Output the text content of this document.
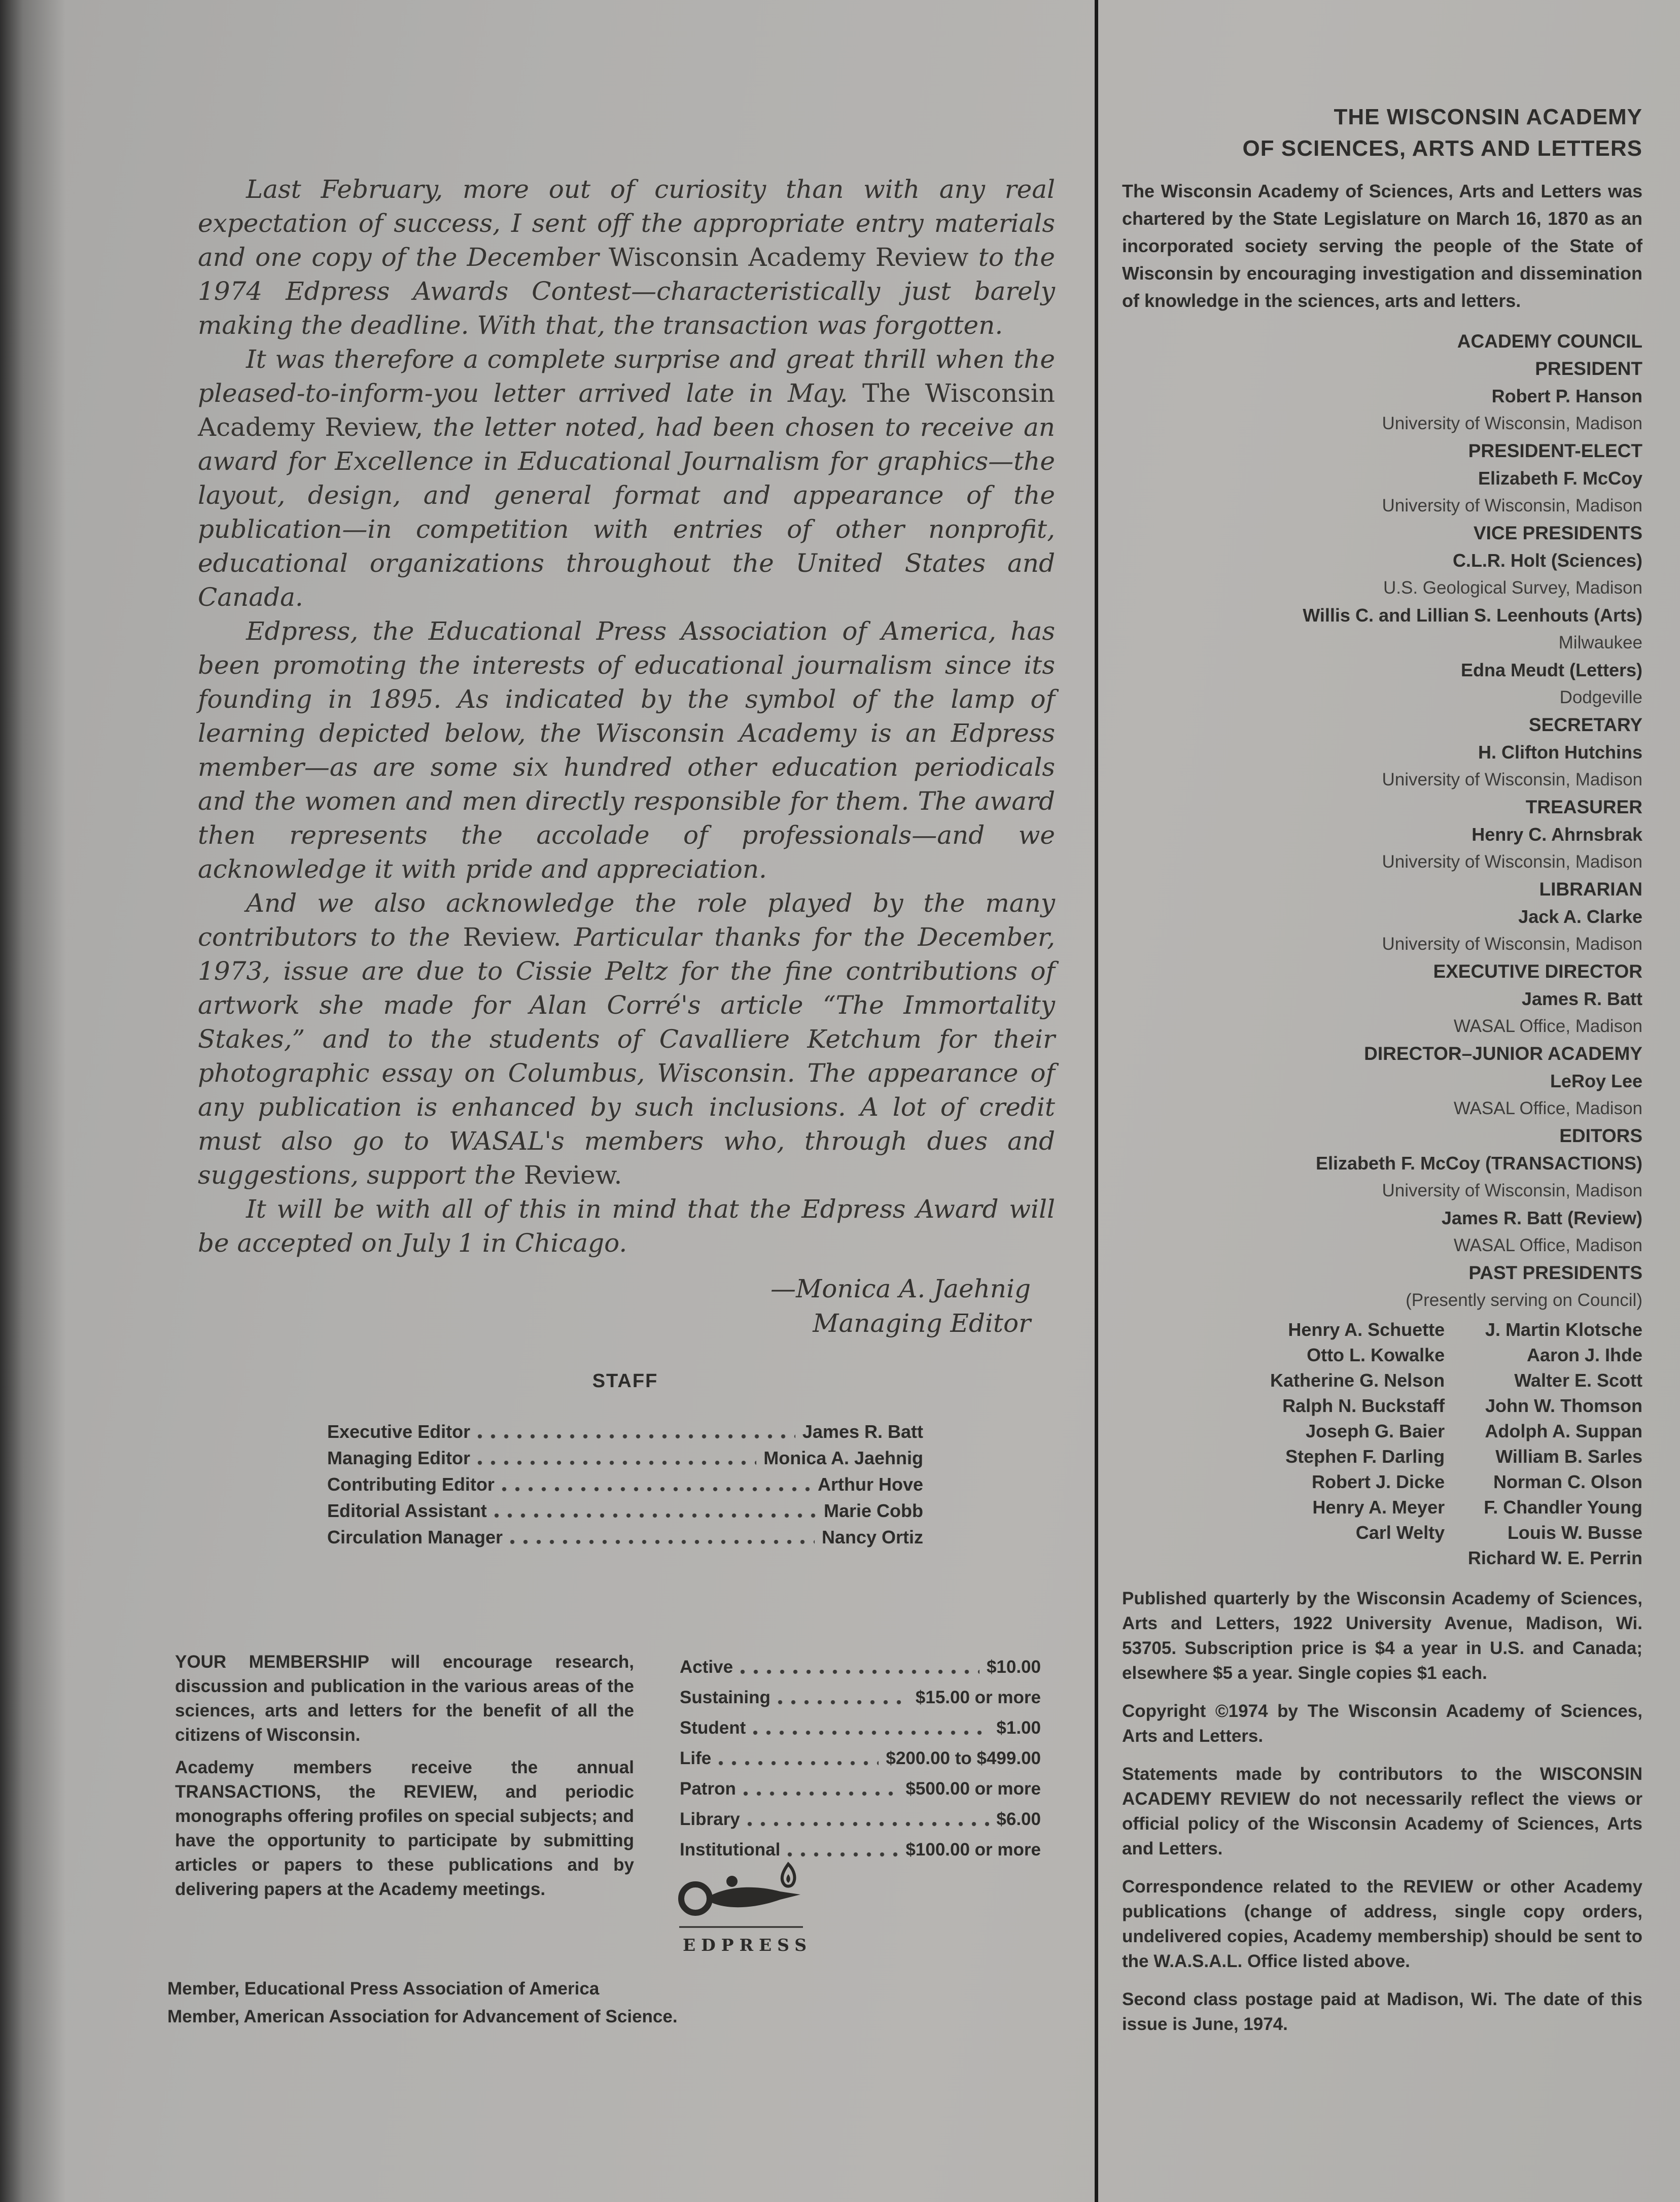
Last February, more out of curiosity than with any real expectation of success, I sent off the appropriate entry materials and one copy of the December Wisconsin Academy Review to the 1974 Edpress Awards Contest—characteristically just barely making the deadline. With that, the transaction was forgotten.

It was therefore a complete surprise and great thrill when the pleased-to-inform-you letter arrived late in May. The Wisconsin Academy Review, the letter noted, had been chosen to receive an award for Excellence in Educational Journalism for graphics—the layout, design, and general format and appearance of the publication—in competition with entries of other nonprofit, educational organizations throughout the United States and Canada.

Edpress, the Educational Press Association of America, has been promoting the interests of educational journalism since its founding in 1895. As indicated by the symbol of the lamp of learning depicted below, the Wisconsin Academy is an Edpress member—as are some six hundred other education periodicals and the women and men directly responsible for them. The award then represents the accolade of professionals—and we acknowledge it with pride and appreciation.

And we also acknowledge the role played by the many contributors to the Review. Particular thanks for the December, 1973, issue are due to Cissie Peltz for the fine contributions of artwork she made for Alan Corré's article “The Immortality Stakes,” and to the students of Cavalliere Ketchum for their photographic essay on Columbus, Wisconsin. The appearance of any publication is enhanced by such inclusions. A lot of credit must also go to WASAL's members who, through dues and suggestions, support the Review.

It will be with all of this in mind that the Edpress Award will be accepted on July 1 in Chicago.

—Monica A. Jaehnig
Managing Editor
STAFF
Executive Editor	James R. Batt
Managing Editor	Monica A. Jaehnig
Contributing Editor	Arthur Hove
Editorial Assistant	Marie Cobb
Circulation Manager	Nancy Ortiz

YOUR MEMBERSHIP will encourage research, discussion and publication in the various areas of the sciences, arts and letters for the benefit of all the citizens of Wisconsin.

Academy members receive the annual TRANSACTIONS, the REVIEW, and periodic monographs offering profiles on special subjects; and have the opportunity to participate by submitting articles or papers to these publications and by delivering papers at the Academy meetings.

Active	$10.00
Sustaining	$15.00 or more
Student	$1.00
Life	$200.00 to $499.00
Patron	$500.00 or more
Library	$6.00
Institutional	$100.00 or more
EDPRESS
Member, Educational Press Association of America
Member, American Association for Advancement of Science.
THE WISCONSIN ACADEMY
OF SCIENCES, ARTS AND LETTERS

The Wisconsin Academy of Sciences, Arts and Letters was chartered by the State Legislature on March 16, 1870 as an incorporated society serving the people of the State of Wisconsin by encouraging investigation and dissemination of knowledge in the sciences, arts and letters.

ACADEMY COUNCIL
PRESIDENT
Robert P. Hanson
University of Wisconsin, Madison
PRESIDENT-ELECT
Elizabeth F. McCoy
University of Wisconsin, Madison
VICE PRESIDENTS
C.L.R. Holt (Sciences)
U.S. Geological Survey, Madison
Willis C. and Lillian S. Leenhouts (Arts)
Milwaukee
Edna Meudt (Letters)
Dodgeville
SECRETARY
H. Clifton Hutchins
University of Wisconsin, Madison
TREASURER
Henry C. Ahrnsbrak
University of Wisconsin, Madison
LIBRARIAN
Jack A. Clarke
University of Wisconsin, Madison
EXECUTIVE DIRECTOR
James R. Batt
WASAL Office, Madison
DIRECTOR–JUNIOR ACADEMY
LeRoy Lee
WASAL Office, Madison
EDITORS
Elizabeth F. McCoy (TRANSACTIONS)
University of Wisconsin, Madison
James R. Batt (Review)
WASAL Office, Madison
PAST PRESIDENTS
(Presently serving on Council)
Henry A. Schuette
Otto L. Kowalke
Katherine G. Nelson
Ralph N. Buckstaff
Joseph G. Baier
Stephen F. Darling
Robert J. Dicke
Henry A. Meyer
Carl Welty
J. Martin Klotsche
Aaron J. Ihde
Walter E. Scott
John W. Thomson
Adolph A. Suppan
William B. Sarles
Norman C. Olson
F. Chandler Young
Louis W. Busse
Richard W. E. Perrin

Published quarterly by the Wisconsin Academy of Sciences, Arts and Letters, 1922 University Avenue, Madison, Wi. 53705. Subscription price is $4 a year in U.S. and Canada; elsewhere $5 a year. Single copies $1 each.

Copyright ©1974 by The Wisconsin Academy of Sciences, Arts and Letters.

Statements made by contributors to the WISCONSIN ACADEMY REVIEW do not necessarily reflect the views or official policy of the Wisconsin Academy of Sciences, Arts and Letters.

Correspondence related to the REVIEW or other Academy publications (change of address, single copy orders, undelivered copies, Academy membership) should be sent to the W.A.S.A.L. Office listed above.

Second class postage paid at Madison, Wi. The date of this issue is June, 1974.
